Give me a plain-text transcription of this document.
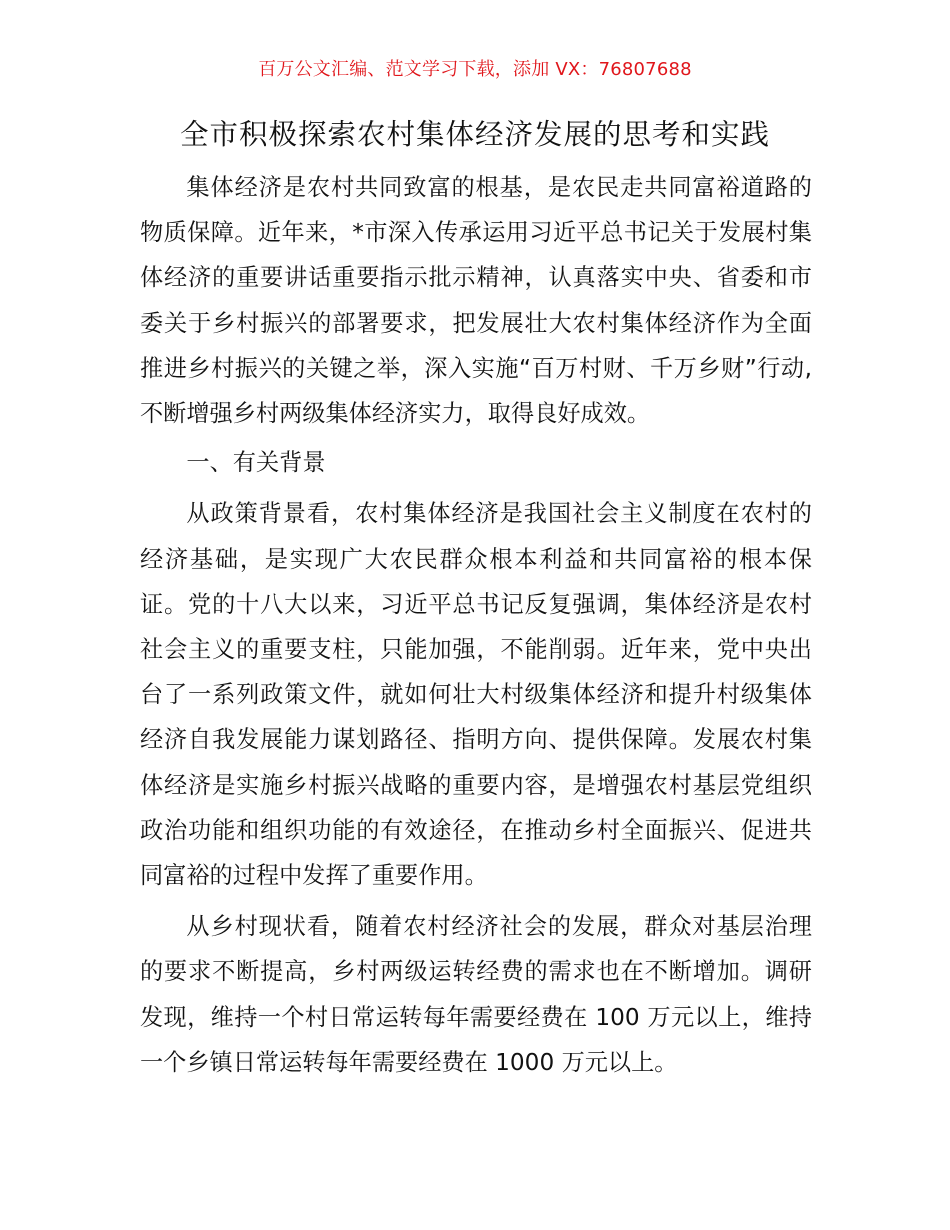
百万公文汇编、范文学习下载，添加 VX：76807688
全市积极探索农村集体经济发展的思考和实践

集体经济是农村共同致富的根基，是农民走共同富裕道路的物质保障。近年来，*市深入传承运用习近平总书记关于发展村集体经济的重要讲话重要指示批示精神，认真落实中央、省委和市委关于乡村振兴的部署要求，把发展壮大农村集体经济作为全面推进乡村振兴的关键之举，深入实施“百万村财、千万乡财”行动,不断增强乡村两级集体经济实力，取得良好成效。

一、有关背景

从政策背景看，农村集体经济是我国社会主义制度在农村的经济基础，是实现广大农民群众根本利益和共同富裕的根本保证。党的十八大以来，习近平总书记反复强调，集体经济是农村社会主义的重要支柱，只能加强，不能削弱。近年来，党中央出台了一系列政策文件，就如何壮大村级集体经济和提升村级集体经济自我发展能力谋划路径、指明方向、提供保障。发展农村集体经济是实施乡村振兴战略的重要内容，是增强农村基层党组织政治功能和组织功能的有效途径，在推动乡村全面振兴、促进共同富裕的过程中发挥了重要作用。

从乡村现状看，随着农村经济社会的发展，群众对基层治理的要求不断提高，乡村两级运转经费的需求也在不断增加。调研发现，维持一个村日常运转每年需要经费在 100 万元以上，维持一个乡镇日常运转每年需要经费在 1000 万元以上。
